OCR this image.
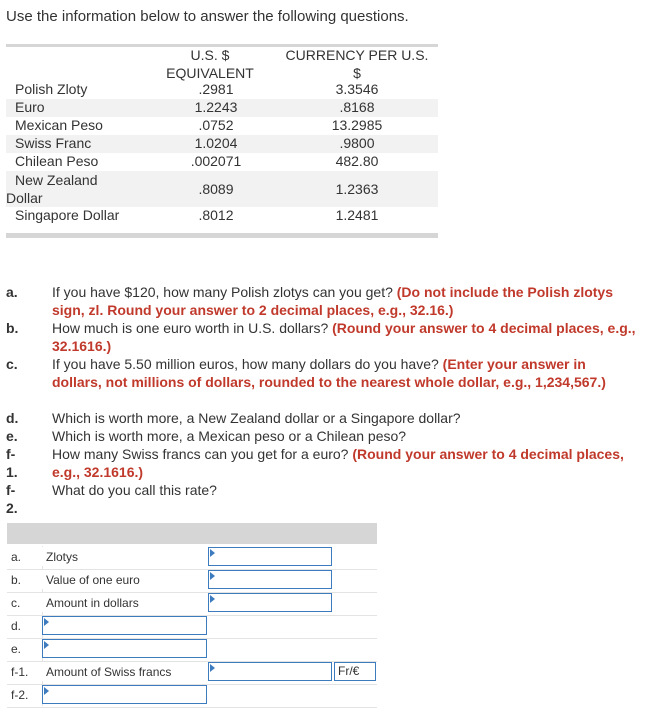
Use the information below to answer the following questions.
U.S. $
EQUIVALENT
CURRENCY PER U.S.
$
Polish Zloty	.2981	3.3546
Euro	1.2243	.8168
Mexican Peso	.0752	13.2985
Swiss Franc	1.0204	.9800
Chilean Peso	.002071	482.80
New Zealand
Dollar
.8089	1.2363
Singapore Dollar	.8012	1.2481
a. If you have $120, how many Polish zlotys can you get? (Do not include the Polish zlotys sign, zl. Round your answer to 2 decimal places, e.g., 32.16.)
b. How much is one euro worth in U.S. dollars? (Round your answer to 4 decimal places, e.g., 32.1616.)
c. If you have 5.50 million euros, how many dollars do you have? (Enter your answer in dollars, not millions of dollars, rounded to the nearest whole dollar, e.g., 1,234,567.)
d. Which is worth more, a New Zealand dollar or a Singapore dollar?
e. Which is worth more, a Mexican peso or a Chilean peso?
f-1.
How many Swiss francs can you get for a euro? (Round your answer to 4 decimal places, e.g., 32.1616.)
f-2.
What do you call this rate?
a.	Zlotys
b.	Value of one euro
c.	Amount in dollars
d.
e.
f-1.	Amount of Swiss francs	Fr/€
f-2.
